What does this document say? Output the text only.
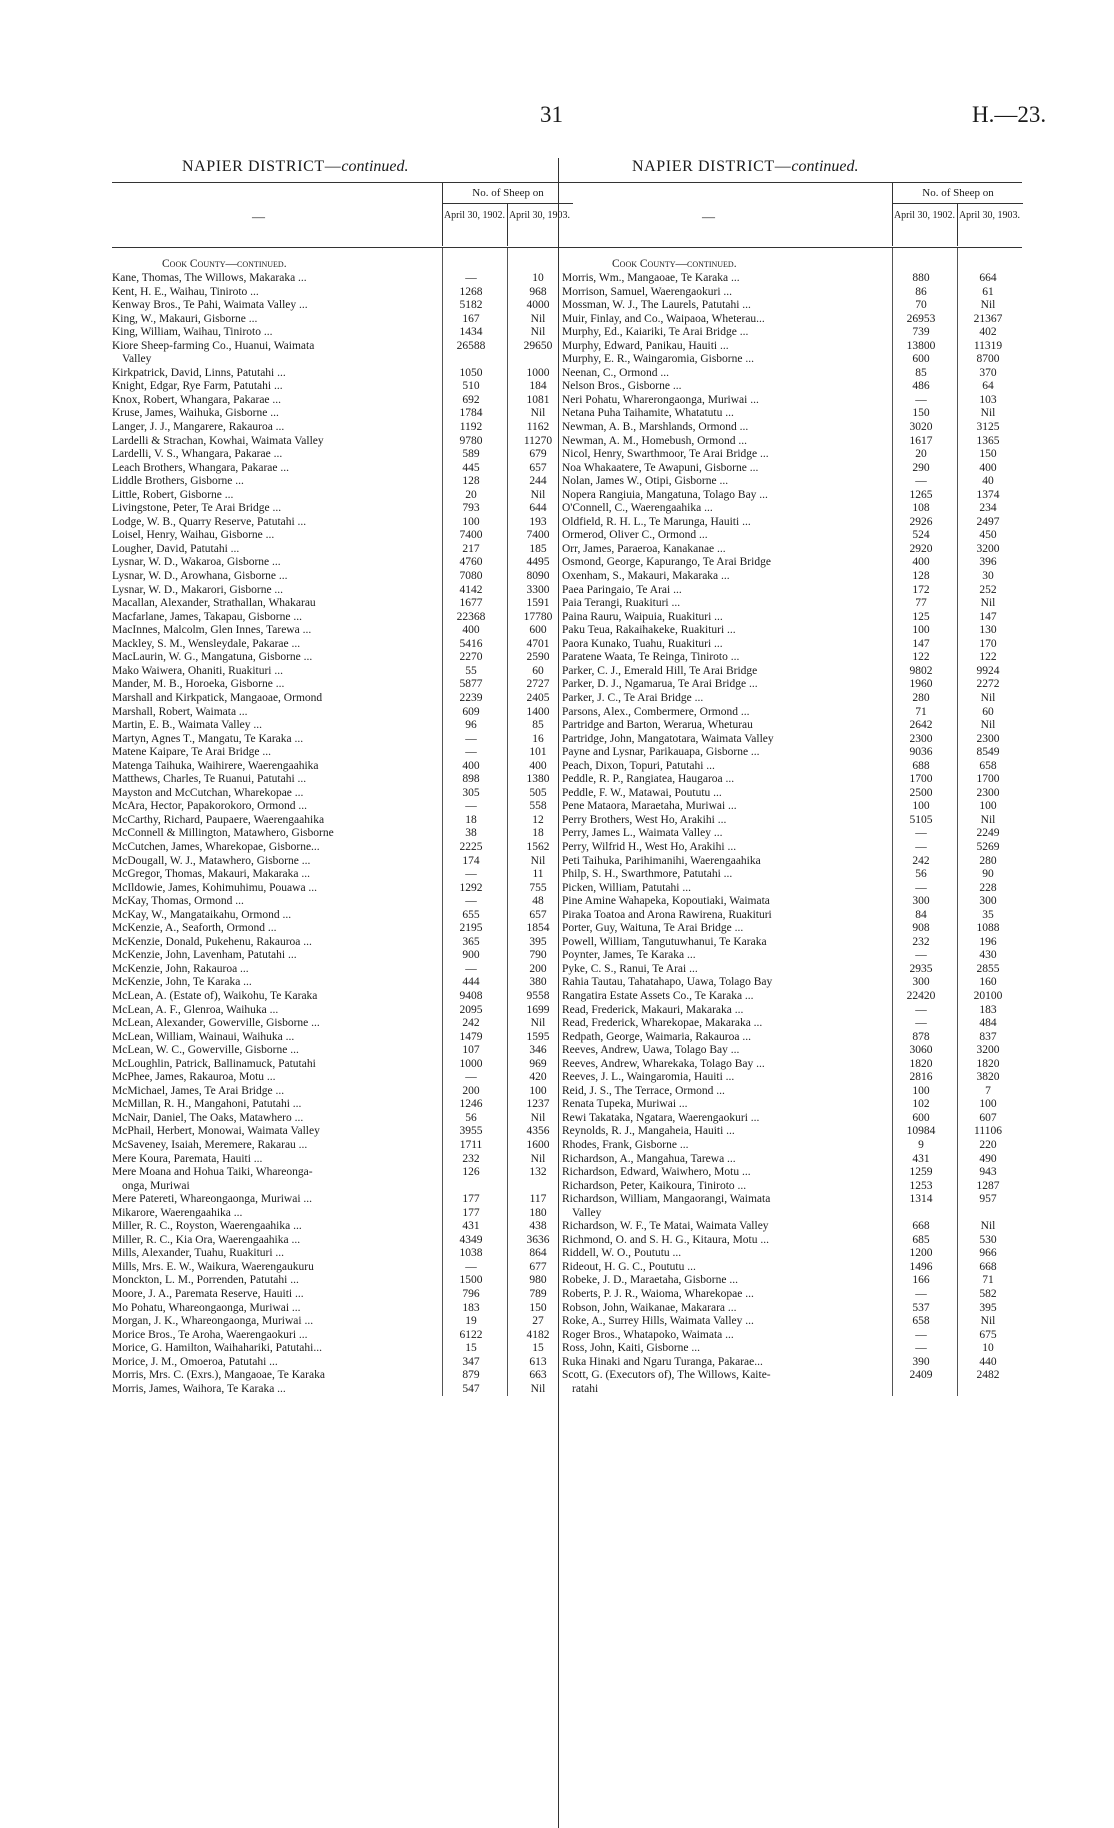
31	H.—23.
NAPIER DISTRICT—continued.
—
No. of Sheep on
April 30, 1902. April 30, 1903.
Cook County—continued.
Kane, Thomas, The Willows, Makaraka ...	—	10
Kent, H. E., Waihau, Tiniroto ...	1268	968
Kenway Bros., Te Pahi, Waimata Valley ...	5182	4000
King, W., Makauri, Gisborne ...	167	Nil
King, William, Waihau, Tiniroto ...	1434	Nil
Kiore Sheep-farming Co., Huanui, Waimata	26588	29650
Valley
Kirkpatrick, David, Linns, Patutahi ...	1050	1000
Knight, Edgar, Rye Farm, Patutahi ...	510	184
Knox, Robert, Whangara, Pakarae ...	692	1081
Kruse, James, Waihuka, Gisborne ...	1784	Nil
Langer, J. J., Mangarere, Rakauroa ...	1192	1162
Lardelli & Strachan, Kowhai, Waimata Valley	9780	11270
Lardelli, V. S., Whangara, Pakarae ...	589	679
Leach Brothers, Whangara, Pakarae ...	445	657
Liddle Brothers, Gisborne ...	128	244
Little, Robert, Gisborne ...	20	Nil
Livingstone, Peter, Te Arai Bridge ...	793	644
Lodge, W. B., Quarry Reserve, Patutahi ...	100	193
Loisel, Henry, Waihau, Gisborne ...	7400	7400
Lougher, David, Patutahi ...	217	185
Lysnar, W. D., Wakaroa, Gisborne ...	4760	4495
Lysnar, W. D., Arowhana, Gisborne ...	7080	8090
Lysnar, W. D., Makarori, Gisborne ...	4142	3300
Macallan, Alexander, Strathallan, Whakarau	1677	1591
Macfarlane, James, Takapau, Gisborne ...	22368	17780
MacInnes, Malcolm, Glen Innes, Tarewa ...	400	600
Mackley, S. M., Wensleydale, Pakarae ...	5416	4701
MacLaurin, W. G., Mangatuna, Gisborne ...	2270	2590
Mako Waiwera, Ohaniti, Ruakituri ...	55	60
Mander, M. B., Horoeka, Gisborne ...	5877	2727
Marshall and Kirkpatick, Mangaoae, Ormond	2239	2405
Marshall, Robert, Waimata ...	609	1400
Martin, E. B., Waimata Valley ...	96	85
Martyn, Agnes T., Mangatu, Te Karaka ...	—	16
Matene Kaipare, Te Arai Bridge ...	—	101
Matenga Taihuka, Waihirere, Waerengaahika	400	400
Matthews, Charles, Te Ruanui, Patutahi ...	898	1380
Mayston and McCutchan, Wharekopae ...	305	505
McAra, Hector, Papakorokoro, Ormond ...	—	558
McCarthy, Richard, Paupaere, Waerengaahika	18	12
McConnell & Millington, Matawhero, Gisborne	38	18
McCutchen, James, Wharekopae, Gisborne...	2225	1562
McDougall, W. J., Matawhero, Gisborne ...	174	Nil
McGregor, Thomas, Makauri, Makaraka ...	—	11
McIldowie, James, Kohimuhimu, Pouawa ...	1292	755
McKay, Thomas, Ormond ...	—	48
McKay, W., Mangataikahu, Ormond ...	655	657
McKenzie, A., Seaforth, Ormond ...	2195	1854
McKenzie, Donald, Pukehenu, Rakauroa ...	365	395
McKenzie, John, Lavenham, Patutahi ...	900	790
McKenzie, John, Rakauroa ...	—	200
McKenzie, John, Te Karaka ...	444	380
McLean, A. (Estate of), Waikohu, Te Karaka	9408	9558
McLean, A. F., Glenroa, Waihuka ...	2095	1699
McLean, Alexander, Gowerville, Gisborne ...	242	Nil
McLean, William, Wainaui, Waihuka ...	1479	1595
McLean, W. C., Gowerville, Gisborne ...	107	346
McLoughlin, Patrick, Ballinamuck, Patutahi	1000	969
McPhee, James, Rakauroa, Motu ...	—	420
McMichael, James, Te Arai Bridge ...	200	100
McMillan, R. H., Mangahoni, Patutahi ...	1246	1237
McNair, Daniel, The Oaks, Matawhero ...	56	Nil
McPhail, Herbert, Monowai, Waimata Valley	3955	4356
McSaveney, Isaiah, Meremere, Rakarau ...	1711	1600
Mere Koura, Paremata, Hauiti ...	232	Nil
Mere Moana and Hohua Taiki, Whareonga-	126	132
onga, Muriwai
Mere Patereti, Whareongaonga, Muriwai ...	177	117
Mikarore, Waerengaahika ...	177	180
Miller, R. C., Royston, Waerengaahika ...	431	438
Miller, R. C., Kia Ora, Waerengaahika ...	4349	3636
Mills, Alexander, Tuahu, Ruakituri ...	1038	864
Mills, Mrs. E. W., Waikura, Waerengaukuru	—	677
Monckton, L. M., Porrenden, Patutahi ...	1500	980
Moore, J. A., Paremata Reserve, Hauiti ...	796	789
Mo Pohatu, Whareongaonga, Muriwai ...	183	150
Morgan, J. K., Whareongaonga, Muriwai ...	19	27
Morice Bros., Te Aroha, Waerengaokuri ...	6122	4182
Morice, G. Hamilton, Waihahariki, Patutahi...	15	15
Morice, J. M., Omoeroa, Patutahi ...	347	613
Morris, Mrs. C. (Exrs.), Mangaoae, Te Karaka	879	663
Morris, James, Waihora, Te Karaka ...	547	Nil
NAPIER DISTRICT—continued.
—
No. of Sheep on
April 30, 1902. April 30, 1903.
Cook County—continued.
Morris, Wm., Mangaoae, Te Karaka ...	880	664
Morrison, Samuel, Waerengaokuri ...	86	61
Mossman, W. J., The Laurels, Patutahi ...	70	Nil
Muir, Finlay, and Co., Waipaoa, Wheterau...	26953	21367
Murphy, Ed., Kaiariki, Te Arai Bridge ...	739	402
Murphy, Edward, Panikau, Hauiti ...	13800	11319
Murphy, E. R., Waingaromia, Gisborne ...	600	8700
Neenan, C., Ormond ...	85	370
Nelson Bros., Gisborne ...	486	64
Neri Pohatu, Wharerongaonga, Muriwai ...	—	103
Netana Puha Taihamite, Whatatutu ...	150	Nil
Newman, A. B., Marshlands, Ormond ...	3020	3125
Newman, A. M., Homebush, Ormond ...	1617	1365
Nicol, Henry, Swarthmoor, Te Arai Bridge ...	20	150
Noa Whakaatere, Te Awapuni, Gisborne ...	290	400
Nolan, James W., Otipi, Gisborne ...	—	40
Nopera Rangiuia, Mangatuna, Tolago Bay ...	1265	1374
O'Connell, C., Waerengaahika ...	108	234
Oldfield, R. H. L., Te Marunga, Hauiti ...	2926	2497
Ormerod, Oliver C., Ormond ...	524	450
Orr, James, Paraeroa, Kanakanae ...	2920	3200
Osmond, George, Kapurango, Te Arai Bridge	400	396
Oxenham, S., Makauri, Makaraka ...	128	30
Paea Paringaio, Te Arai ...	172	252
Paia Terangi, Ruakituri ...	77	Nil
Paina Rauru, Waipuia, Ruakituri ...	125	147
Paku Teua, Rakaihakeke, Ruakituri ...	100	130
Paora Kunako, Tuahu, Ruakituri ...	147	170
Paratene Waata, Te Reinga, Tiniroto ...	122	122
Parker, C. J., Emerald Hill, Te Arai Bridge	9802	9924
Parker, D. J., Ngamarua, Te Arai Bridge ...	1960	2272
Parker, J. C., Te Arai Bridge ...	280	Nil
Parsons, Alex., Combermere, Ormond ...	71	60
Partridge and Barton, Werarua, Wheturau	2642	Nil
Partridge, John, Mangatotara, Waimata Valley	2300	2300
Payne and Lysnar, Parikauapa, Gisborne ...	9036	8549
Peach, Dixon, Topuri, Patutahi ...	688	658
Peddle, R. P., Rangiatea, Haugaroa ...	1700	1700
Peddle, F. W., Matawai, Poututu ...	2500	2300
Pene Mataora, Maraetaha, Muriwai ...	100	100
Perry Brothers, West Ho, Arakihi ...	5105	Nil
Perry, James L., Waimata Valley ...	—	2249
Perry, Wilfrid H., West Ho, Arakihi ...	—	5269
Peti Taihuka, Parihimanihi, Waerengaahika	242	280
Philp, S. H., Swarthmore, Patutahi ...	56	90
Picken, William, Patutahi ...	—	228
Pine Amine Wahapeka, Kopoutiaki, Waimata	300	300
Piraka Toatoa and Arona Rawirena, Ruakituri	84	35
Porter, Guy, Waituna, Te Arai Bridge ...	908	1088
Powell, William, Tangutuwhanui, Te Karaka	232	196
Poynter, James, Te Karaka ...	—	430
Pyke, C. S., Ranui, Te Arai ...	2935	2855
Rahia Tautau, Tahatahapo, Uawa, Tolago Bay	300	160
Rangatira Estate Assets Co., Te Karaka ...	22420	20100
Read, Frederick, Makauri, Makaraka ...	—	183
Read, Frederick, Wharekopae, Makaraka ...	—	484
Redpath, George, Waimaria, Rakauroa ...	878	837
Reeves, Andrew, Uawa, Tolago Bay ...	3060	3200
Reeves, Andrew, Wharekaka, Tolago Bay ...	1820	1820
Reeves, J. L., Waingaromia, Hauiti ...	2816	3820
Reid, J. S., The Terrace, Ormond ...	100	7
Renata Tupeka, Muriwai ...	102	100
Rewi Takataka, Ngatara, Waerengaokuri ...	600	607
Reynolds, R. J., Mangaheia, Hauiti ...	10984	11106
Rhodes, Frank, Gisborne ...	9	220
Richardson, A., Mangahua, Tarewa ...	431	490
Richardson, Edward, Waiwhero, Motu ...	1259	943
Richardson, Peter, Kaikoura, Tiniroto ...	1253	1287
Richardson, William, Mangaorangi, Waimata	1314	957
Valley
Richardson, W. F., Te Matai, Waimata Valley	668	Nil
Richmond, O. and S. H. G., Kitaura, Motu ...	685	530
Riddell, W. O., Poututu ...	1200	966
Rideout, H. G. C., Poututu ...	1496	668
Robeke, J. D., Maraetaha, Gisborne ...	166	71
Roberts, P. J. R., Waioma, Wharekopae ...	—	582
Robson, John, Waikanae, Makarara ...	537	395
Roke, A., Surrey Hills, Waimata Valley ...	658	Nil
Roger Bros., Whatapoko, Waimata ...	—	675
Ross, John, Kaiti, Gisborne ...	—	10
Ruka Hinaki and Ngaru Turanga, Pakarae...	390	440
Scott, G. (Executors of), The Willows, Kaite-	2409	2482
ratahi
